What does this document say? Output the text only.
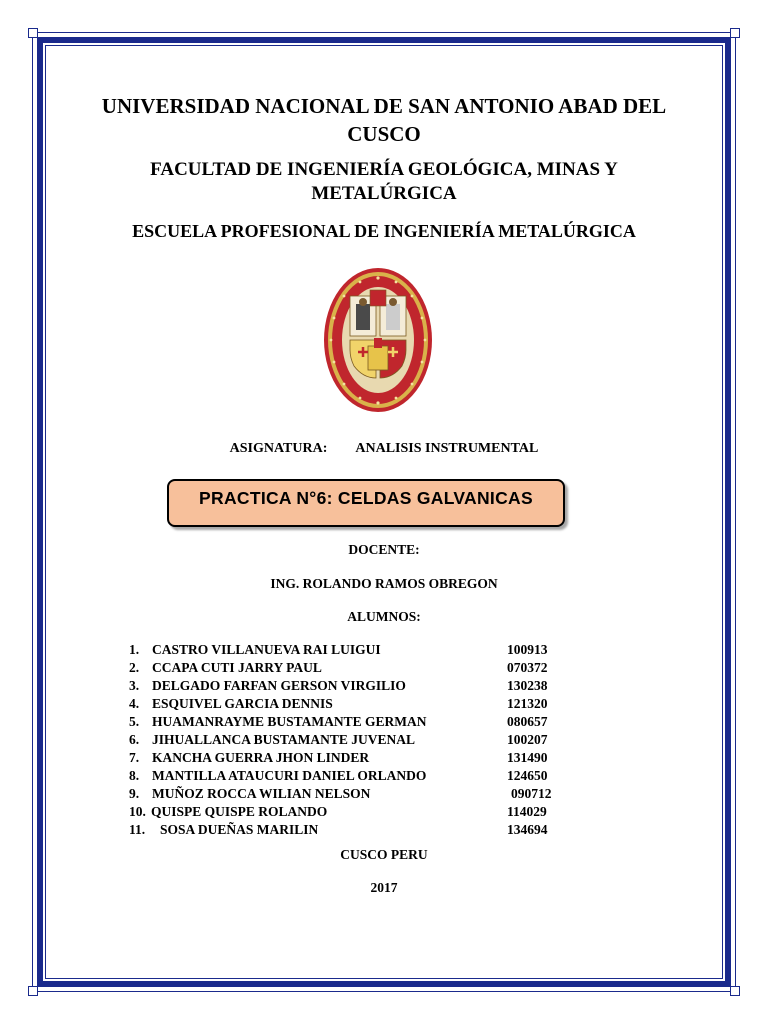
UNIVERSIDAD NACIONAL DE SAN ANTONIO ABAD DEL
CUSCO
FACULTAD DE INGENIERÍA GEOLÓGICA, MINAS Y
METALÚRGICA
ESCUELA PROFESIONAL DE INGENIERÍA METALÚRGICA
ASIGNATURA: ANALISIS INSTRUMENTAL
PRACTICA N°6: CELDAS GALVANICAS
DOCENTE:
ING. ROLANDO RAMOS OBREGON
ALUMNOS:
1. CASTRO VILLANUEVA RAI LUIGUI	100913
2. CCAPA CUTI JARRY PAUL	070372
3. DELGADO FARFAN GERSON VIRGILIO	130238
4. ESQUIVEL GARCIA DENNIS	121320
5. HUAMANRAYME BUSTAMANTE GERMAN	080657
6. JIHUALLANCA BUSTAMANTE JUVENAL	100207
7. KANCHA GUERRA JHON LINDER	131490
8. MANTILLA ATAUCURI DANIEL ORLANDO	124650
9. MUÑOZ ROCCA WILIAN NELSON	090712
10. QUISPE QUISPE ROLANDO	114029
11. SOSA DUEÑAS MARILIN	134694
CUSCO PERU
2017
